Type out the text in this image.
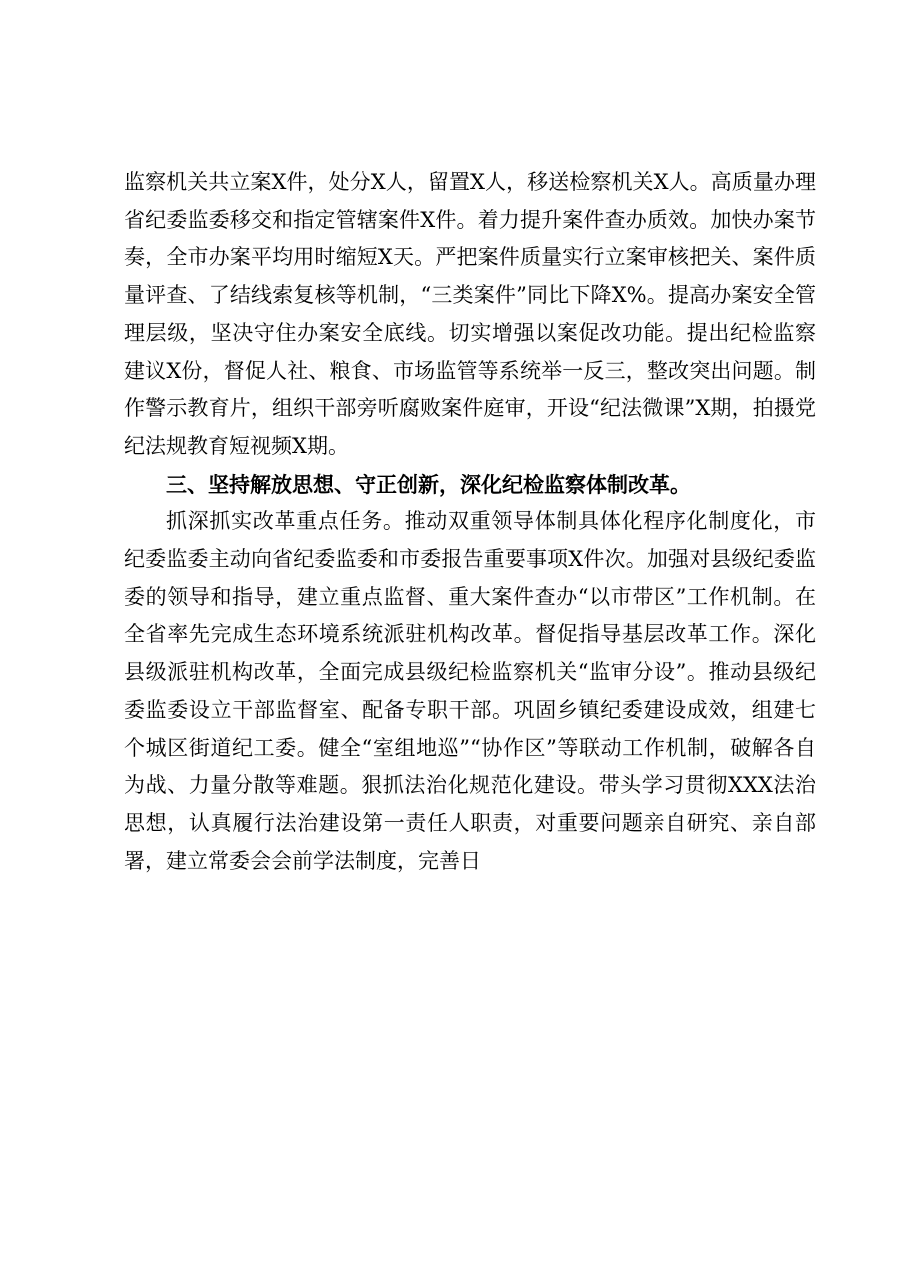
监察机关共立案X件，处分X人，留置X人，移送检察机关X人。高质量办理省纪委监委移交和指定管辖案件X件。着力提升案件查办质效。加快办案节奏，全市办案平均用时缩短X天。严把案件质量实行立案审核把关、案件质量评查、了结线索复核等机制，“三类案件”同比下降X%。提高办案安全管理层级，坚决守住办案安全底线。切实增强以案促改功能。提出纪检监察建议X份，督促人社、粮食、市场监管等系统举一反三，整改突出问题。制作警示教育片，组织干部旁听腐败案件庭审，开设“纪法微课”X期，拍摄党纪法规教育短视频X期。

三、坚持解放思想、守正创新，深化纪检监察体制改革。

抓深抓实改革重点任务。推动双重领导体制具体化程序化制度化，市纪委监委主动向省纪委监委和市委报告重要事项X件次。加强对县级纪委监委的领导和指导，建立重点监督、重大案件查办“以市带区”工作机制。在全省率先完成生态环境系统派驻机构改革。督促指导基层改革工作。深化县级派驻机构改革，全面完成县级纪检监察机关“监审分设”。推动县级纪委监委设立干部监督室、配备专职干部。巩固乡镇纪委建设成效，组建七个城区街道纪工委。健全“室组地巡”“协作区”等联动工作机制，破解各自为战、力量分散等难题。狠抓法治化规范化建设。带头学习贯彻XXX法治思想，认真履行法治建设第一责任人职责，对重要问题亲自研究、亲自部署，建立常委会会前学法制度，完善日
